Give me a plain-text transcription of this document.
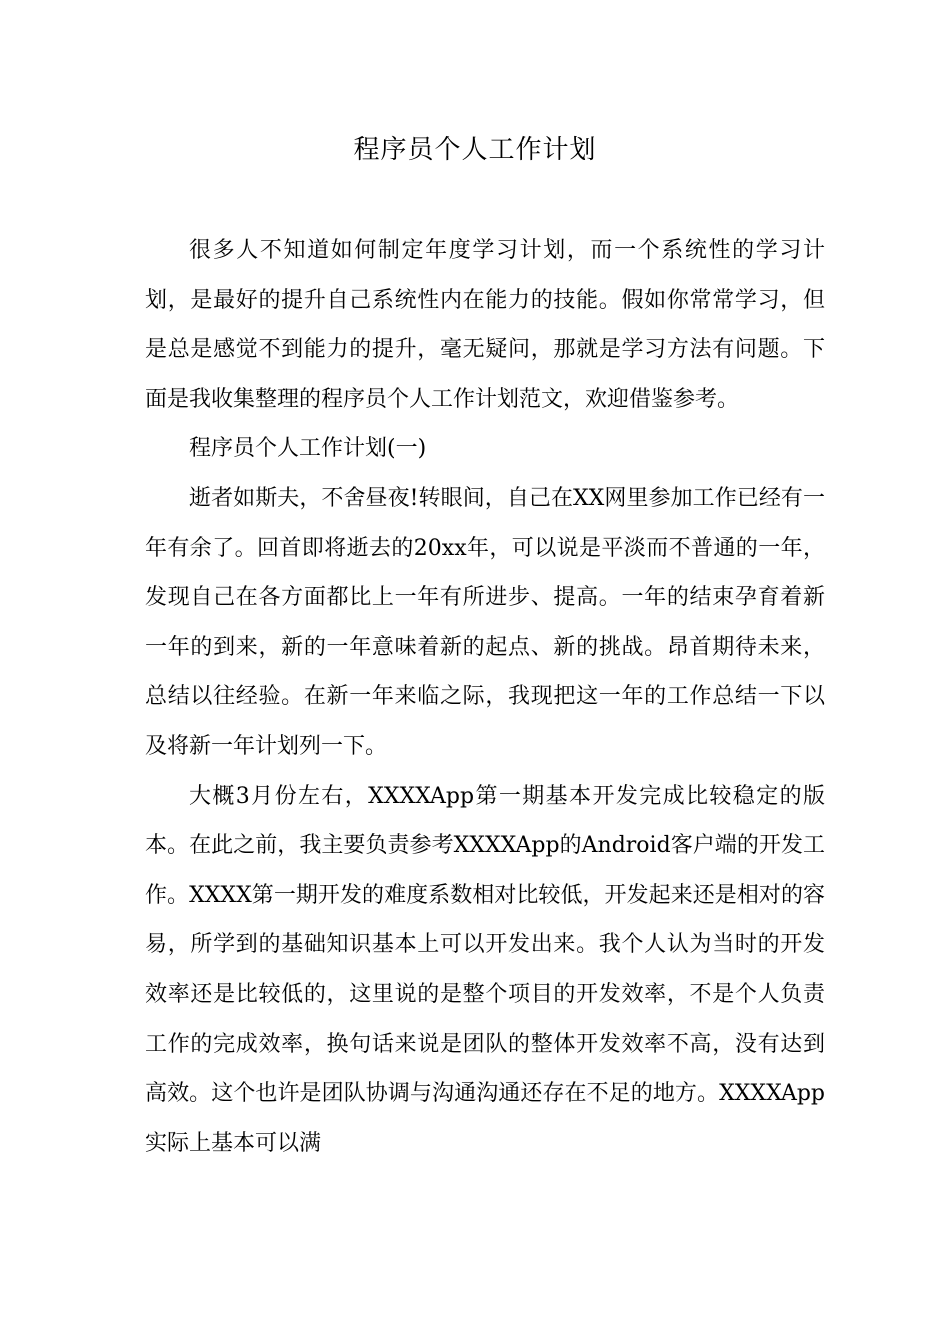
程序员个人工作计划

很多人不知道如何制定年度学习计划，而一个系统性的学习计划，是最好的提升自己系统性内在能力的技能。假如你常常学习，但是总是感觉不到能力的提升，毫无疑问，那就是学习方法有问题。下面是我收集整理的程序员个人工作计划范文，欢迎借鉴参考。

程序员个人工作计划(一)

逝者如斯夫，不舍昼夜!转眼间，自己在XX网里参加工作已经有一年有余了。回首即将逝去的20xx年，可以说是平淡而不普通的一年，发现自己在各方面都比上一年有所进步、提高。一年的结束孕育着新一年的到来，新的一年意味着新的起点、新的挑战。昂首期待未来，总结以往经验。在新一年来临之际，我现把这一年的工作总结一下以及将新一年计划列一下。

大概3月份左右，XXXXApp第一期基本开发完成比较稳定的版本。在此之前，我主要负责参考XXXXApp的Android客户端的开发工作。XXXX第一期开发的难度系数相对比较低，开发起来还是相对的容易，所学到的基础知识基本上可以开发出来。我个人认为当时的开发效率还是比较低的，这里说的是整个项目的开发效率，不是个人负责工作的完成效率，换句话来说是团队的整体开发效率不高，没有达到高效。这个也许是团队协调与沟通沟通还存在不足的地方。XXXXApp实际上基本可以满
